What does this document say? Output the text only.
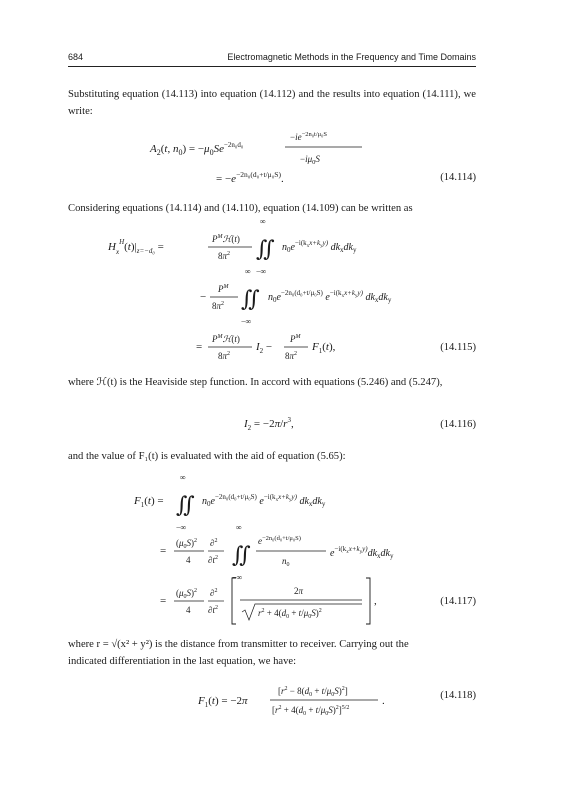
684	Electromagnetic Methods in the Frequency and Time Domains
Substituting equation (14.113) into equation (14.112) and the results into equation (14.111), we write:
$A_2(t$, $n_0) = -\mu_0Se^{-2n_0d_0}$
$-ie^{-2n_0t/\mu_0S}$
$-i\mu_0S$
= $-e^{-2n_0(d_0+t/\mu_0S)}$.	(14.114)
Considering equations (14.114) and (14.110), equation (14.109) can be written as
$H_x^H(t)|_{z=-d_0}$ =
$P^Mℋ(t)$
$8\pi^2$
∞
∬
−∞
$n_0e^{-i(k}_x^{x+k}_y^{y)}$ $dk_xdk_y$
−
$P^M$
$8\pi^2$
∞
∬
−∞
$n_0e^{-2n_0(d_0+t/\mu_0S)}$ $e^{-i(k}_x^{x+k}_y^{y)}$ $dk_xdk_y$
=
$P^Mℋ(t)$
$8\pi^2$
$I_2$ −
$P^M$
$8\pi^2$
$F_1(t)$,	(14.115)
where ℋ(t) is the Heaviside step function. In accord with equations (5.246) and (5.247),
$I_2 = -2\pi/r^3$,	(14.116)
and the value of F₁(t) is evaluated with the aid of equation (5.65):
$F_1(t)$ =
∞
∬
−∞
$n_0e^{-2n_0(d_0+t/\mu_0S)}$ $e^{-i(k}_x^{x+k}_y^{y)}$ $dk_xdk_y$
=
$(\mu_0S)^2$
4
∂$^2$
$\partial t^2$
∞
∬
−∞
$e^{-2n_0(d_0+t/\mu_0S)}$
$n_0$
$e^{-i(k}_x^{x+k}_y^{y)}dk_xdk_y$
=
$(\mu_0S)^2$
4
∂$^2$
$\partial t^2$
2π
$r^2 + 4(d_0 + t/\mu_0S)^2$
,	(14.117)
where r = √(x² + y²) is the distance from transmitter to receiver. Carrying out the
indicated differentiation in the last equation, we have:
$F_1(t) = -2\pi$
$[r^2 - 8(d_0 + t/\mu_0S)^2]$
$[r^2 + 4(d_0 + t/\mu_0S)^2]^{5/2}$
.	(14.118)
